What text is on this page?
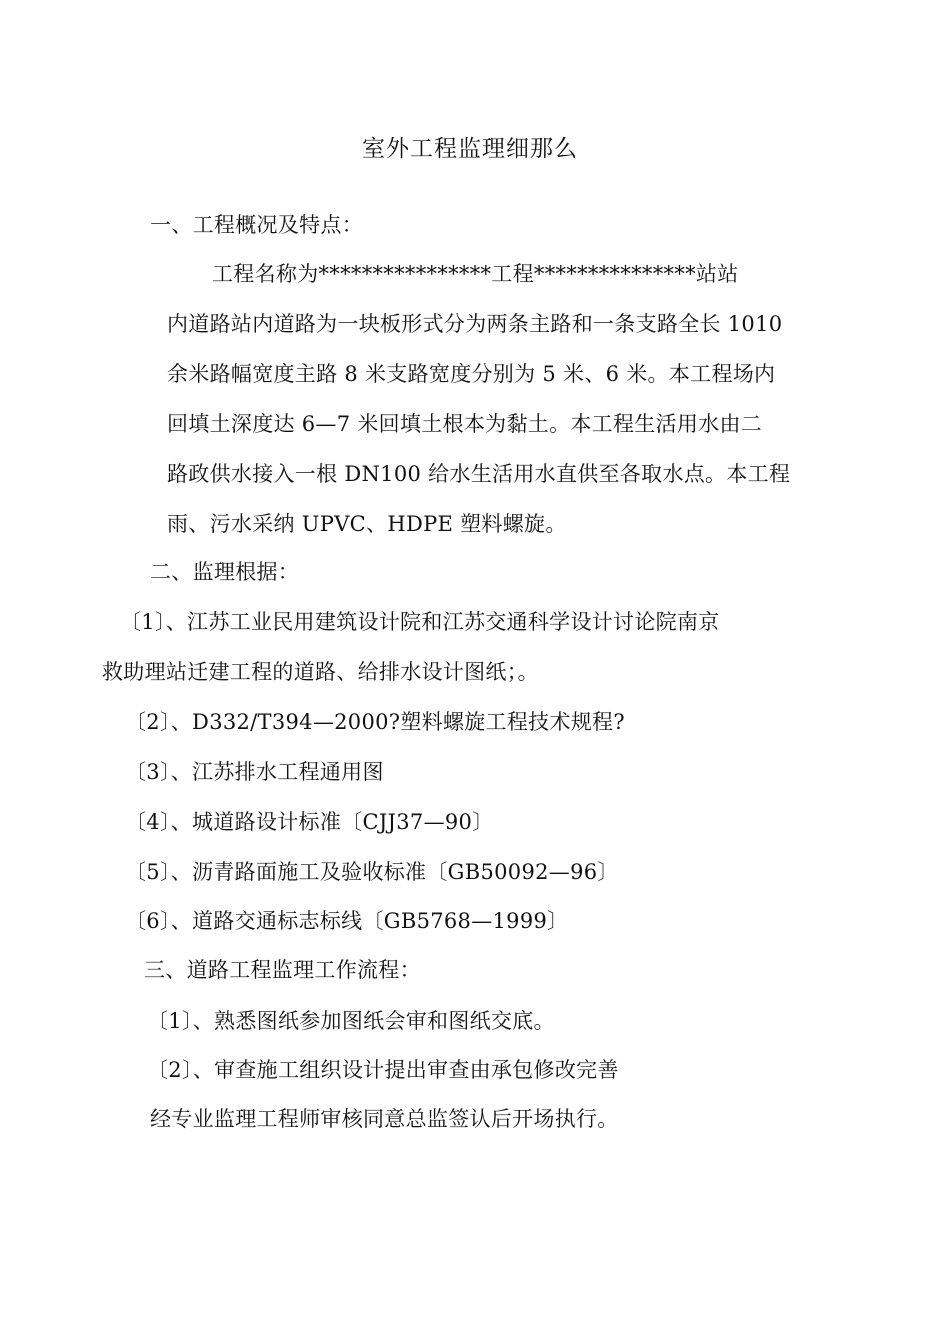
室外工程监理细那么
一、工程概况及特点：
工程名称为****************工程***************站站
内道路站内道路为一块板形式分为两条主路和一条支路全长 1010
余米路幅宽度主路 8 米支路宽度分别为 5 米、6 米。本工程场内
回填土深度达 6—7 米回填土根本为黏土。本工程生活用水由二
路政供水接入一根 DN100 给水生活用水直供至各取水点。本工程
雨、污水采纳 UPVC、HDPE 塑料螺旋。
二、监理根据：
〔1〕、江苏工业民用建筑设计院和江苏交通科学设计讨论院南京
救助理站迁建工程的道路、给排水设计图纸；。
〔2〕、D332/T394—2000?塑料螺旋工程技术规程?
〔3〕、江苏排水工程通用图
〔4〕、城道路设计标准〔CJJ37—90〕
〔5〕、沥青路面施工及验收标准〔GB50092—96〕
〔6〕、道路交通标志标线〔GB5768—1999〕
三、道路工程监理工作流程：
〔1〕、熟悉图纸参加图纸会审和图纸交底。
〔2〕、审查施工组织设计提出审查由承包修改完善
经专业监理工程师审核同意总监签认后开场执行。
